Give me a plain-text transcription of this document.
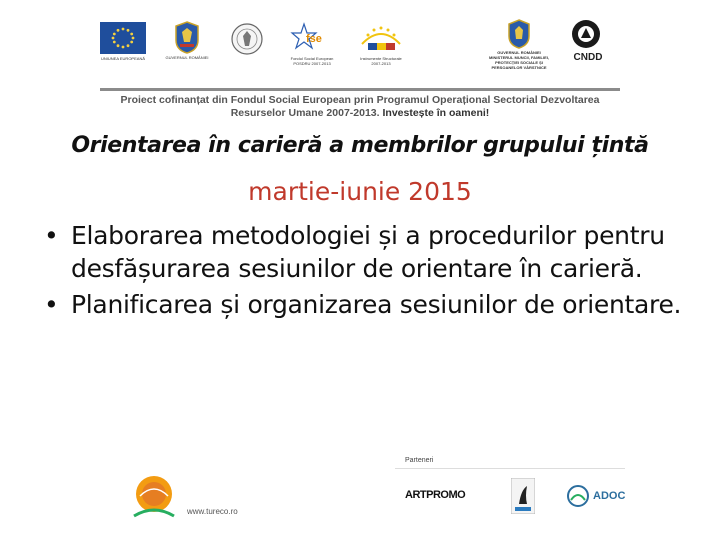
UNIUNEA EUROPEANĂ	GUVERNUL ROMÂNIEI
fse
Fondul Social European POSDRU 2007-2013
Instrumente Structurale 2007-2013
GUVERNUL ROMÂNIEI MINISTERUL MUNCII, FAMILIEI, PROTECȚIEI SOCIALE ȘI PERSOANELOR VÂRSTNICE
CNDD
Proiect cofinanțat din Fondul Social European prin Programul Operațional Sectorial Dezvoltarea
Resurselor Umane 2007-2013. Investește în oameni!
Orientarea în carieră a membrilor grupului țintă
martie-iunie 2015
• Elaborarea metodologiei și a procedurilor pentru desfășurarea sesiunilor de orientare în carieră.
• Planificarea și organizarea sesiunilor de orientare.
www.tureco.ro
Parteneri
ARTPROMO	ADOC
